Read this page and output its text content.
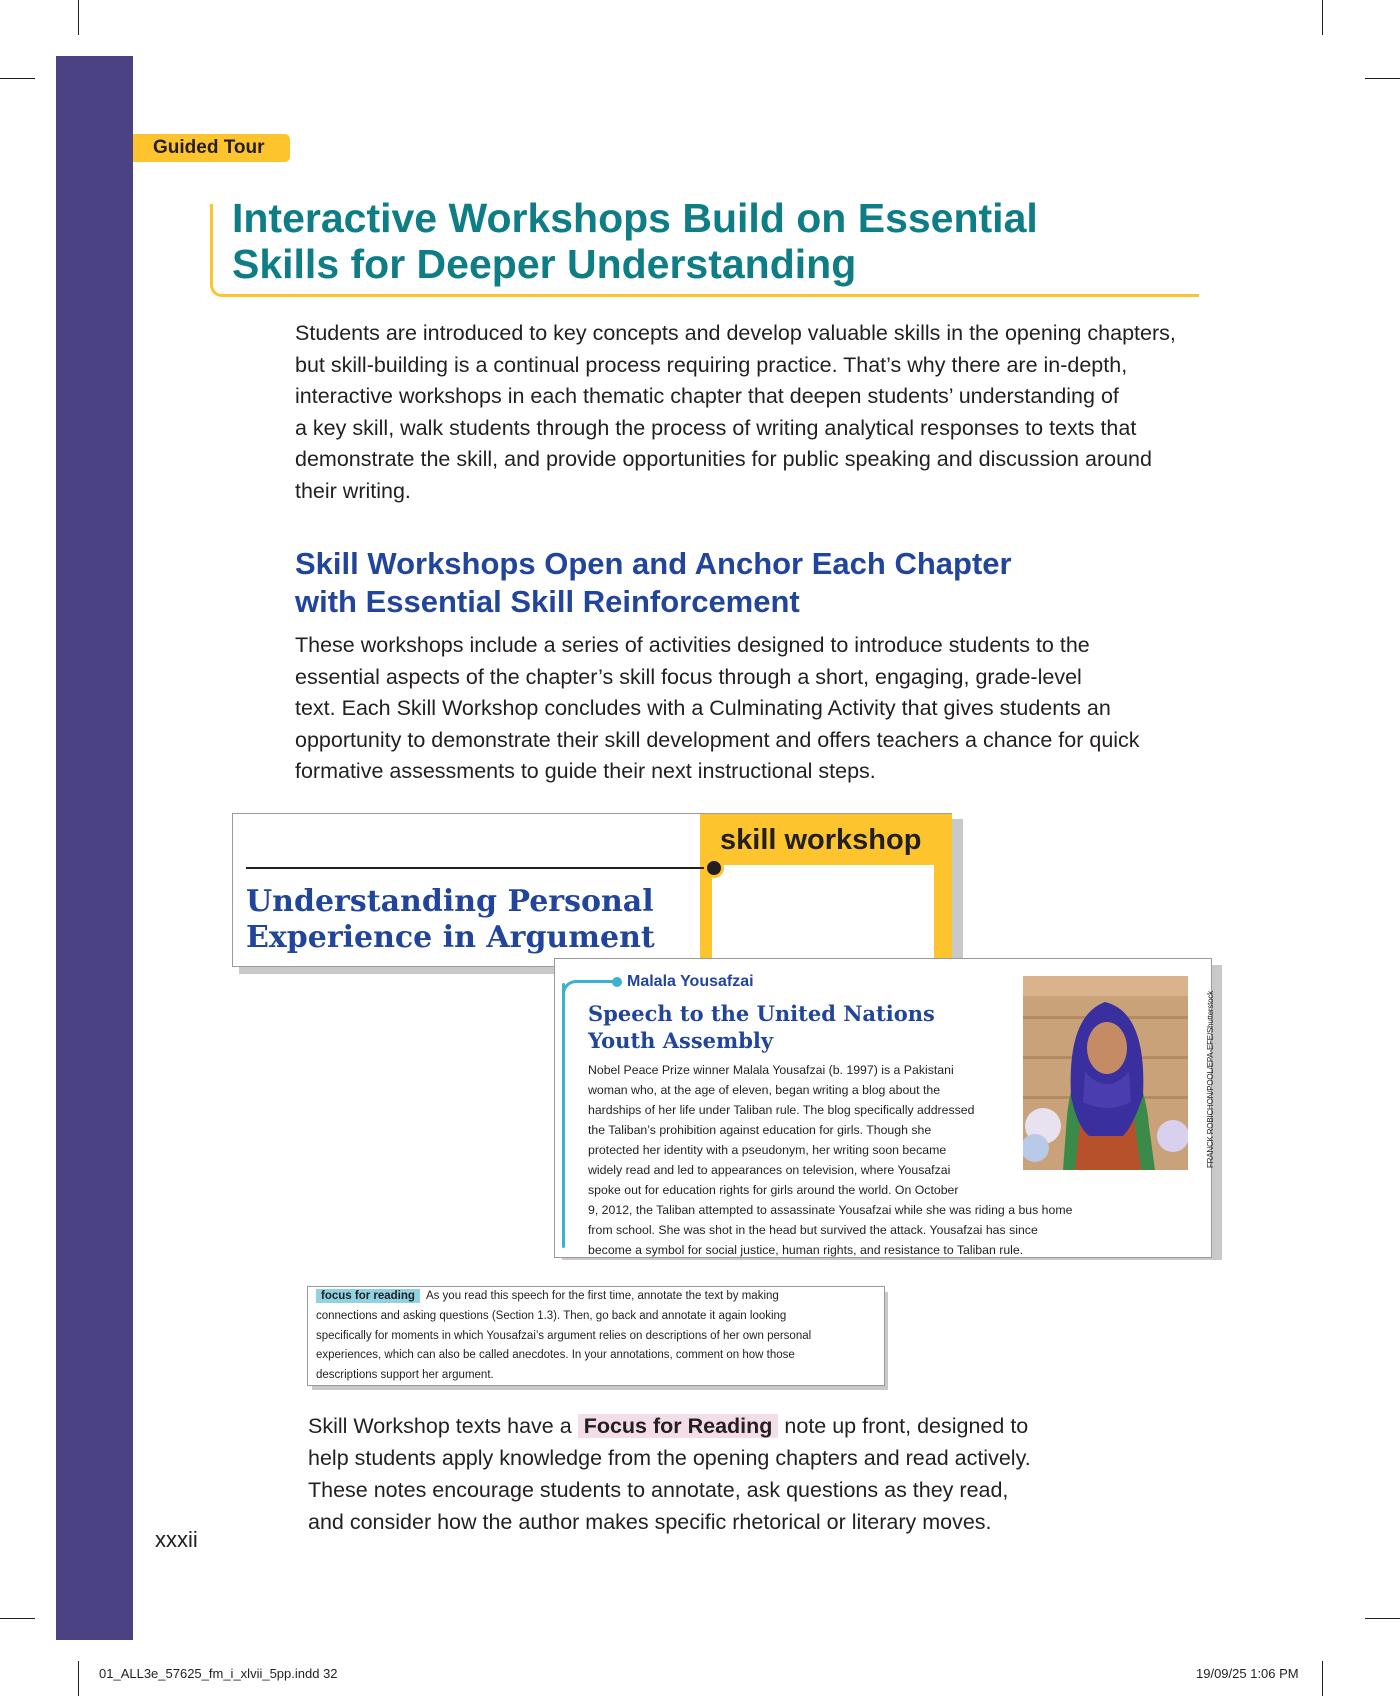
Guided Tour
Interactive Workshops Build on Essential
Skills for Deeper Understanding

Students are introduced to key concepts and develop valuable skills in the opening chapters,
but skill-building is a continual process requiring practice. That’s why there are in-depth,
interactive workshops in each thematic chapter that deepen students’ understanding of
a key skill, walk students through the process of writing analytical responses to texts that
demonstrate the skill, and provide opportunities for public speaking and discussion around
their writing.

Skill Workshops Open and Anchor Each Chapter
with Essential Skill Reinforcement

These workshops include a series of activities designed to introduce students to the
essential aspects of the chapter’s skill focus through a short, engaging, grade-level
text. Each Skill Workshop concludes with a Culminating Activity that gives students an
opportunity to demonstrate their skill development and offers teachers a chance for quick
formative assessments to guide their next instructional steps.

skill workshop

Understanding Personal
Experience in Argument

Malala Yousafzai

Speech to the United Nations
Youth Assembly

Nobel Peace Prize winner Malala Yousafzai (b. 1997) is a Pakistani
woman who, at the age of eleven, began writing a blog about the
hardships of her life under Taliban rule. The blog specifically addressed
the Taliban’s prohibition against education for girls. Though she
protected her identity with a pseudonym, her writing soon became
widely read and led to appearances on television, where Yousafzai
spoke out for education rights for girls around the world. On October

9, 2012, the Taliban attempted to assassinate Yousafzai while she was riding a bus home
from school. She was shot in the head but survived the attack. Yousafzai has since
become a symbol for social justice, human rights, and resistance to Taliban rule.

FRANCK ROBICHON/POOL/EPA-EFE/Shutterstock

focus for reading As you read this speech for the first time, annotate the text by making
connections and asking questions (Section 1.3). Then, go back and annotate it again looking
specifically for moments in which Yousafzai’s argument relies on descriptions of her own personal
experiences, which can also be called anecdotes. In your annotations, comment on how those
descriptions support her argument.

Skill Workshop texts have a Focus for Reading note up front, designed to
help students apply knowledge from the opening chapters and read actively.
These notes encourage students to annotate, ask questions as they read,
and consider how the author makes specific rhetorical or literary moves.

xxxii

01_ALL3e_57625_fm_i_xlvii_5pp.indd 32	19/09/25 1:06 PM
